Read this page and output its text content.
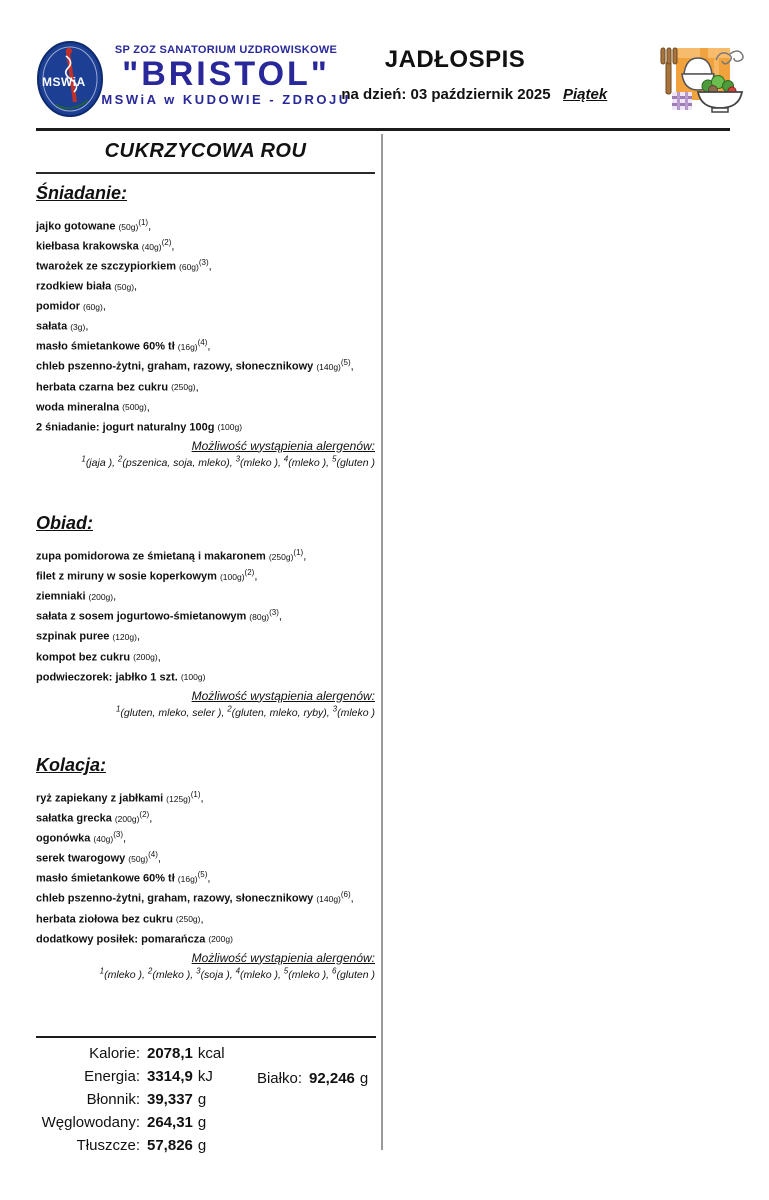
MSWiA
SP ZOZ SANATORIUM UZDROWISKOWE
"BRISTOL"
MSWiA w KUDOWIE - ZDROJU
JADŁOSPIS
na dzień: 03 październik 2025 Piątek
CUKRZYCOWA ROU
Śniadanie:
jajko gotowane $(50g)^{(1)}$,
kiełbasa krakowska $(40g)^{(2)}$,
twarożek ze szczypiorkiem $(60g)^{(3)}$,
rzodkiew biała (50g),
pomidor (60g),
sałata (3g),
masło śmietankowe 60% tł $(16g)^{(4)}$,
chleb pszenno-żytni, graham, razowy, słonecznikowy $(140g)^{(5)}$,
herbata czarna bez cukru (250g),
woda mineralna (500g),
2 śniadanie: jogurt naturalny 100g (100g)
Możliwość wystąpienia alergenów:
$^1$(jaja ), $^2$(pszenica, soja, mleko), $^3$(mleko ), $^4$(mleko ), $^5$(gluten )
Obiad:
zupa pomidorowa ze śmietaną i makaronem $(250g)^{(1)}$,
filet z miruny w sosie koperkowym $(100g)^{(2)}$,
ziemniaki (200g),
sałata z sosem jogurtowo-śmietanowym $(80g)^{(3)}$,
szpinak puree (120g),
kompot bez cukru (200g),
podwieczorek: jabłko 1 szt. (100g)
Możliwość wystąpienia alergenów:
$^1$(gluten, mleko, seler ), $^2$(gluten, mleko, ryby), $^3$(mleko )
Kolacja:
ryż zapiekany z jabłkami $(125g)^{(1)}$,
sałatka grecka $(200g)^{(2)}$,
ogonówka $(40g)^{(3)}$,
serek twarogowy $(50g)^{(4)}$,
masło śmietankowe 60% tł $(16g)^{(5)}$,
chleb pszenno-żytni, graham, razowy, słonecznikowy $(140g)^{(6)}$,
herbata ziołowa bez cukru (250g),
dodatkowy posiłek: pomarańcza (200g)
Możliwość wystąpienia alergenów:
$^1$(mleko ), $^2$(mleko ), $^3$(soja ), $^4$(mleko ), $^5$(mleko ), $^6$(gluten )
Kalorie: 2078,1 kcal
Energia: 3314,9 kJ
Błonnik: 39,337 g
Węglowodany: 264,31 g
Tłuszcze: 57,826 g
Białko: 92,246 g
